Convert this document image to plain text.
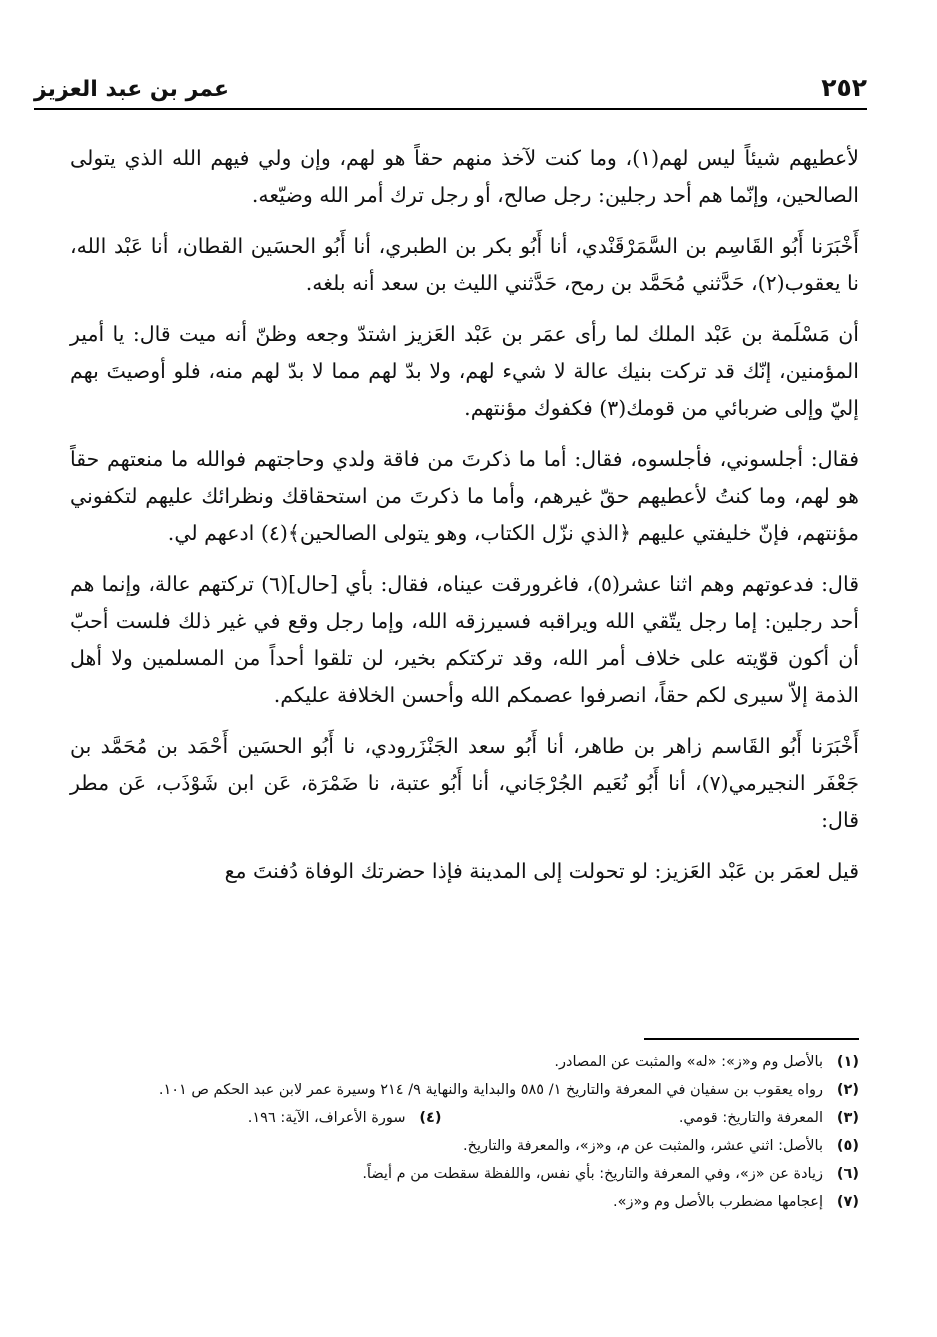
٢٥٢
عمر بن عبد العزيز

لأعطيهم شيئاً ليس لهم(١)، وما كنت لآخذ منهم حقاً هو لهم، وإن ولي فيهم الله الذي يتولى الصالحين، وإنّما هم أحد رجلين: رجل صالح، أو رجل ترك أمر الله وضيّعه.

أَخْبَرَنا أَبُو القَاسِم بن السَّمَرْقَنْدي، أنا أَبُو بكر بن الطبري، أنا أَبُو الحسَين القطان، أنا عَبْد الله، نا يعقوب(٢)، حَدَّثني مُحَمَّد بن رمح، حَدَّثني الليث بن سعد أنه بلغه.

أن مَسْلَمة بن عَبْد الملك لما رأى عمَر بن عَبْد العَزيز اشتدّ وجعه وظنّ أنه ميت قال: يا أمير المؤمنين، إنّك قد تركت بنيك عالة لا شيء لهم، ولا بدّ لهم مما لا بدّ لهم منه، فلو أوصيتَ بهم إليّ وإلى ضربائي من قومك(٣) فكفوك مؤنتهم.

فقال: أجلسوني، فأجلسوه، فقال: أما ما ذكرتَ من فاقة ولدي وحاجتهم فوالله ما منعتهم حقاً هو لهم، وما كنتُ لأعطيهم حقّ غيرهم، وأما ما ذكرتَ من استحقاقك ونظرائك عليهم لتكفوني مؤنتهم، فإنّ خليفتي عليهم ﴿الذي نزّل الكتاب، وهو يتولى الصالحين﴾(٤) ادعهم لي.

قال: فدعوتهم وهم اثنا عشر(٥)، فاغرورقت عيناه، فقال: بأي [حال](٦) تركتهم عالة، وإنما هم أحد رجلين: إما رجل يتّقي الله ويراقبه فسيرزقه الله، وإما رجل وقع في غير ذلك فلست أحبّ أن أكون قوّيته على خلاف أمر الله، وقد تركتكم بخير، لن تلقوا أحداً من المسلمين ولا أهل الذمة إلاّ سيرى لكم حقاً، انصرفوا عصمكم الله وأحسن الخلافة عليكم.

أَخْبَرَنا أَبُو القَاسم زاهر بن طاهر، أنا أَبُو سعد الجَنْزَرودي، نا أَبُو الحسَين أَحْمَد بن مُحَمَّد بن جَعْفَر النجيرمي(٧)، أنا أَبُو نُعَيم الجُرْجَاني، أنا أَبُو عتبة، نا ضَمْرَة، عَن ابن شَوْذَب، عَن مطر قال:

قيل لعمَر بن عَبْد العَزيز: لو تحولت إلى المدينة فإذا حضرتك الوفاة دُفنتَ مع

(١)
بالأصل وم و«ز»: «له» والمثبت عن المصادر.
(٢)
رواه يعقوب بن سفيان في المعرفة والتاريخ ١/ ٥٨٥ والبداية والنهاية ٩/ ٢١٤ وسيرة عمر لابن عبد الحكم ص ١٠١.
(٣)
المعرفة والتاريخ: قومي.
(٤)
سورة الأعراف، الآية: ١٩٦.
(٥)
بالأصل: اثني عشر، والمثبت عن م، و«ز»، والمعرفة والتاريخ.
(٦)
زيادة عن «ز»، وفي المعرفة والتاريخ: بأي نفس، واللفظة سقطت من م أيضاً.
(٧)
إعجامها مضطرب بالأصل وم و«ز».
